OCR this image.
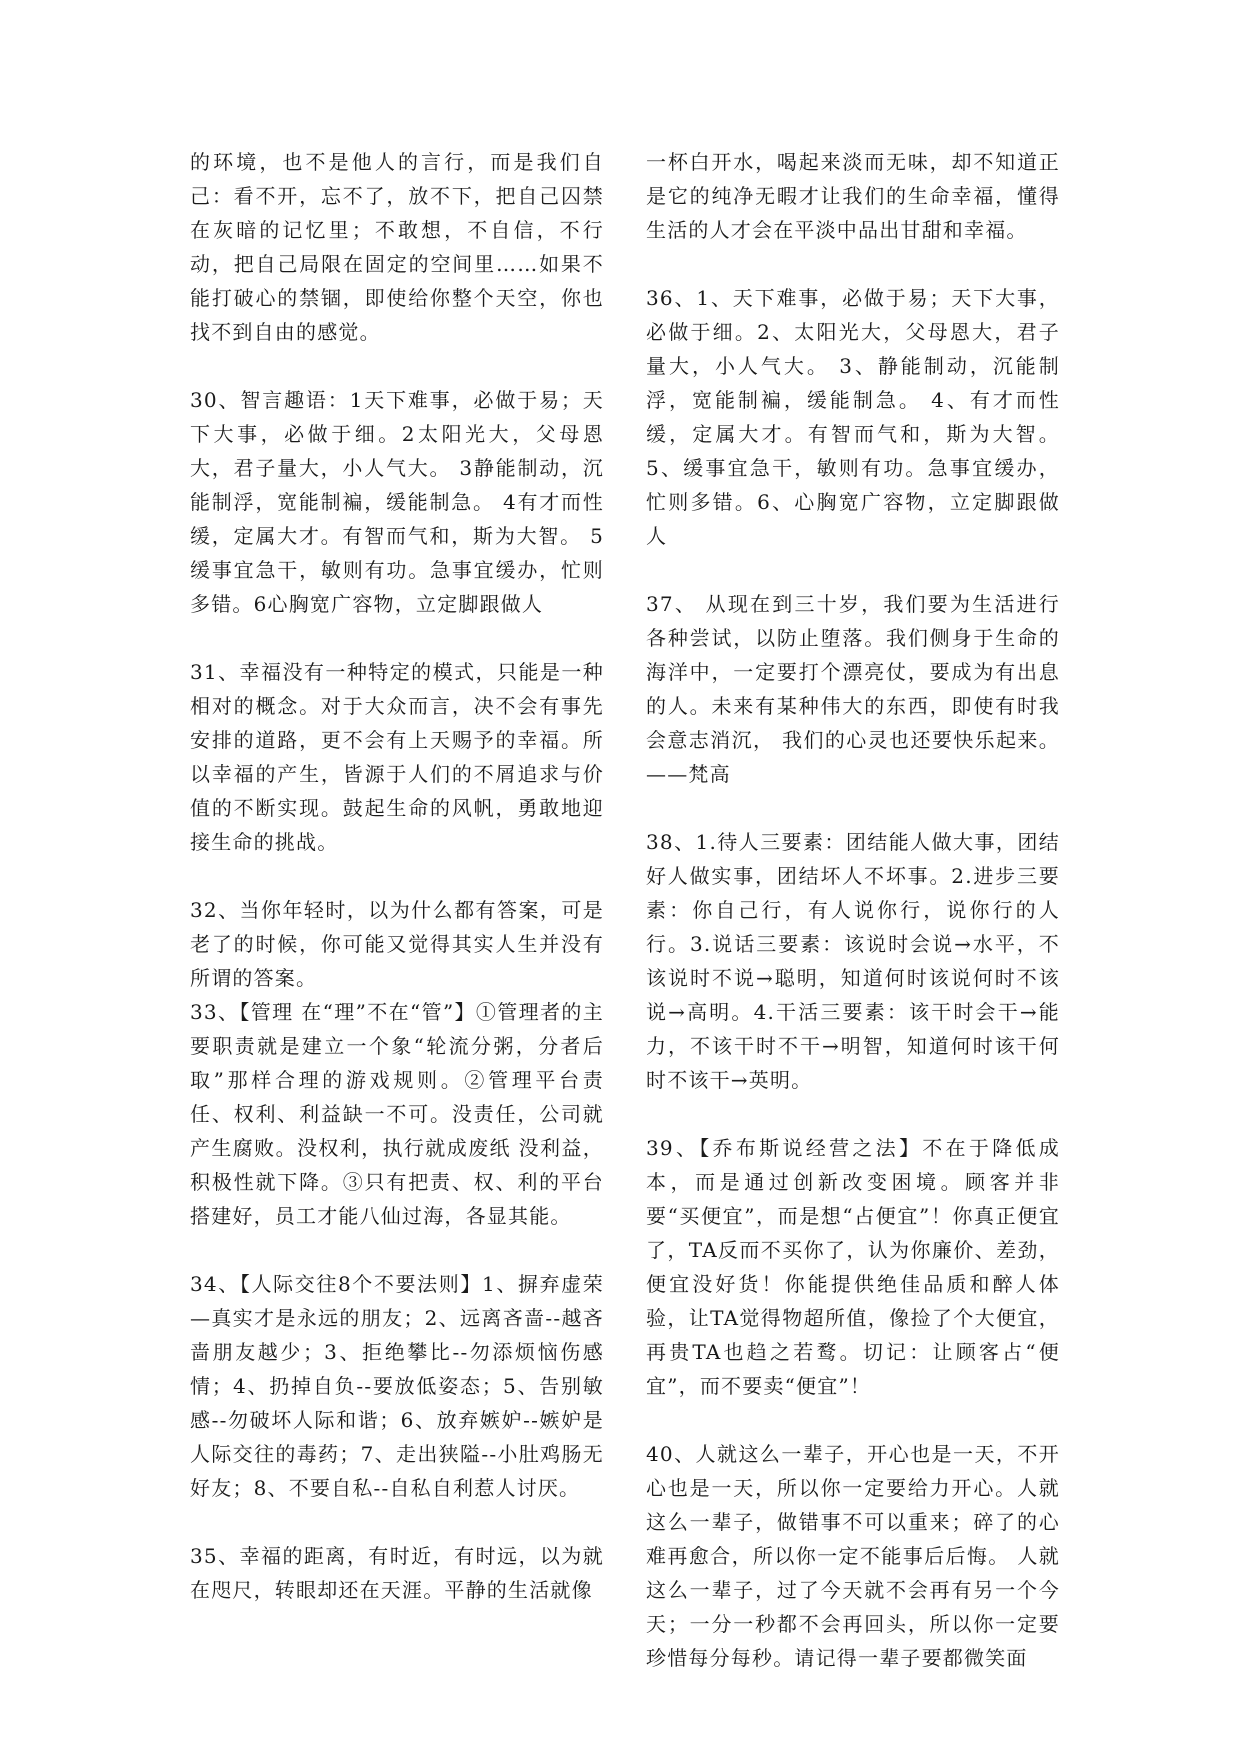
的环境，也不是他人的言行，而是我们自己：看不开，忘不了，放不下，把自己囚禁在灰暗的记忆里；不敢想，不自信，不行动，把自己局限在固定的空间里……如果不能打破心的禁锢，即使给你整个天空，你也找不到自由的感觉。

30、智言趣语：1天下难事，必做于易；天下大事，必做于细。2太阳光大，父母恩大，君子量大，小人气大。 3静能制动，沉能制浮，宽能制褊，缓能制急。 4有才而性缓，定属大才。有智而气和，斯为大智。 5缓事宜急干，敏则有功。急事宜缓办，忙则多错。6心胸宽广容物，立定脚跟做人

31、幸福没有一种特定的模式，只能是一种相对的概念。对于大众而言，决不会有事先安排的道路，更不会有上天赐予的幸福。所以幸福的产生，皆源于人们的不屑追求与价值的不断实现。鼓起生命的风帆，勇敢地迎接生命的挑战。

32、当你年轻时，以为什么都有答案，可是老了的时候，你可能又觉得其实人生并没有所谓的答案。

33、【管理 在“理”不在“管”】①管理者的主要职责就是建立一个象“轮流分粥，分者后取”那样合理的游戏规则。②管理平台责任、权利、利益缺一不可。没责任，公司就产生腐败。没权利，执行就成废纸 没利益，积极性就下降。③只有把责、权、利的平台搭建好，员工才能八仙过海，各显其能。

34、【人际交往8个不要法则】1、摒弃虚荣—真实才是永远的朋友；2、远离吝啬--越吝啬朋友越少；3、拒绝攀比--勿添烦恼伤感情；4、扔掉自负--要放低姿态；5、告别敏感--勿破坏人际和谐；6、放弃嫉妒--嫉妒是人际交往的毒药；7、走出狭隘--小肚鸡肠无好友；8、不要自私--自私自利惹人讨厌。

35、幸福的距离，有时近，有时远，以为就在咫尺，转眼却还在天涯。平静的生活就像

一杯白开水，喝起来淡而无味，却不知道正是它的纯净无暇才让我们的生命幸福，懂得生活的人才会在平淡中品出甘甜和幸福。

36、1、天下难事，必做于易；天下大事，必做于细。2、太阳光大，父母恩大，君子量大，小人气大。 3、静能制动，沉能制浮，宽能制褊，缓能制急。 4、有才而性缓，定属大才。有智而气和，斯为大智。 5、缓事宜急干，敏则有功。急事宜缓办，忙则多错。6、心胸宽广容物，立定脚跟做人

37、 从现在到三十岁，我们要为生活进行各种尝试，以防止堕落。我们侧身于生命的海洋中，一定要打个漂亮仗，要成为有出息的人。未来有某种伟大的东西，即使有时我会意志消沉， 我们的心灵也还要快乐起来。——梵高

38、1.待人三要素：团结能人做大事，团结好人做实事，团结坏人不坏事。2.进步三要素：你自己行，有人说你行，说你行的人行。3.说话三要素：该说时会说→水平，不该说时不说→聪明，知道何时该说何时不该说→高明。4.干活三要素：该干时会干→能力，不该干时不干→明智，知道何时该干何时不该干→英明。

39、【乔布斯说经营之法】不在于降低成本，而是通过创新改变困境。顾客并非要“买便宜”，而是想“占便宜”！你真正便宜了，TA反而不买你了，认为你廉价、差劲，便宜没好货！你能提供绝佳品质和醉人体验，让TA觉得物超所值，像捡了个大便宜，再贵TA也趋之若鹜。切记：让顾客占“便宜”，而不要卖“便宜”！

40、人就这么一辈子，开心也是一天，不开心也是一天，所以你一定要给力开心。人就这么一辈子，做错事不可以重来；碎了的心难再愈合，所以你一定不能事后后悔。 人就这么一辈子，过了今天就不会再有另一个今天；一分一秒都不会再回头，所以你一定要珍惜每分每秒。请记得一辈子要都微笑面
